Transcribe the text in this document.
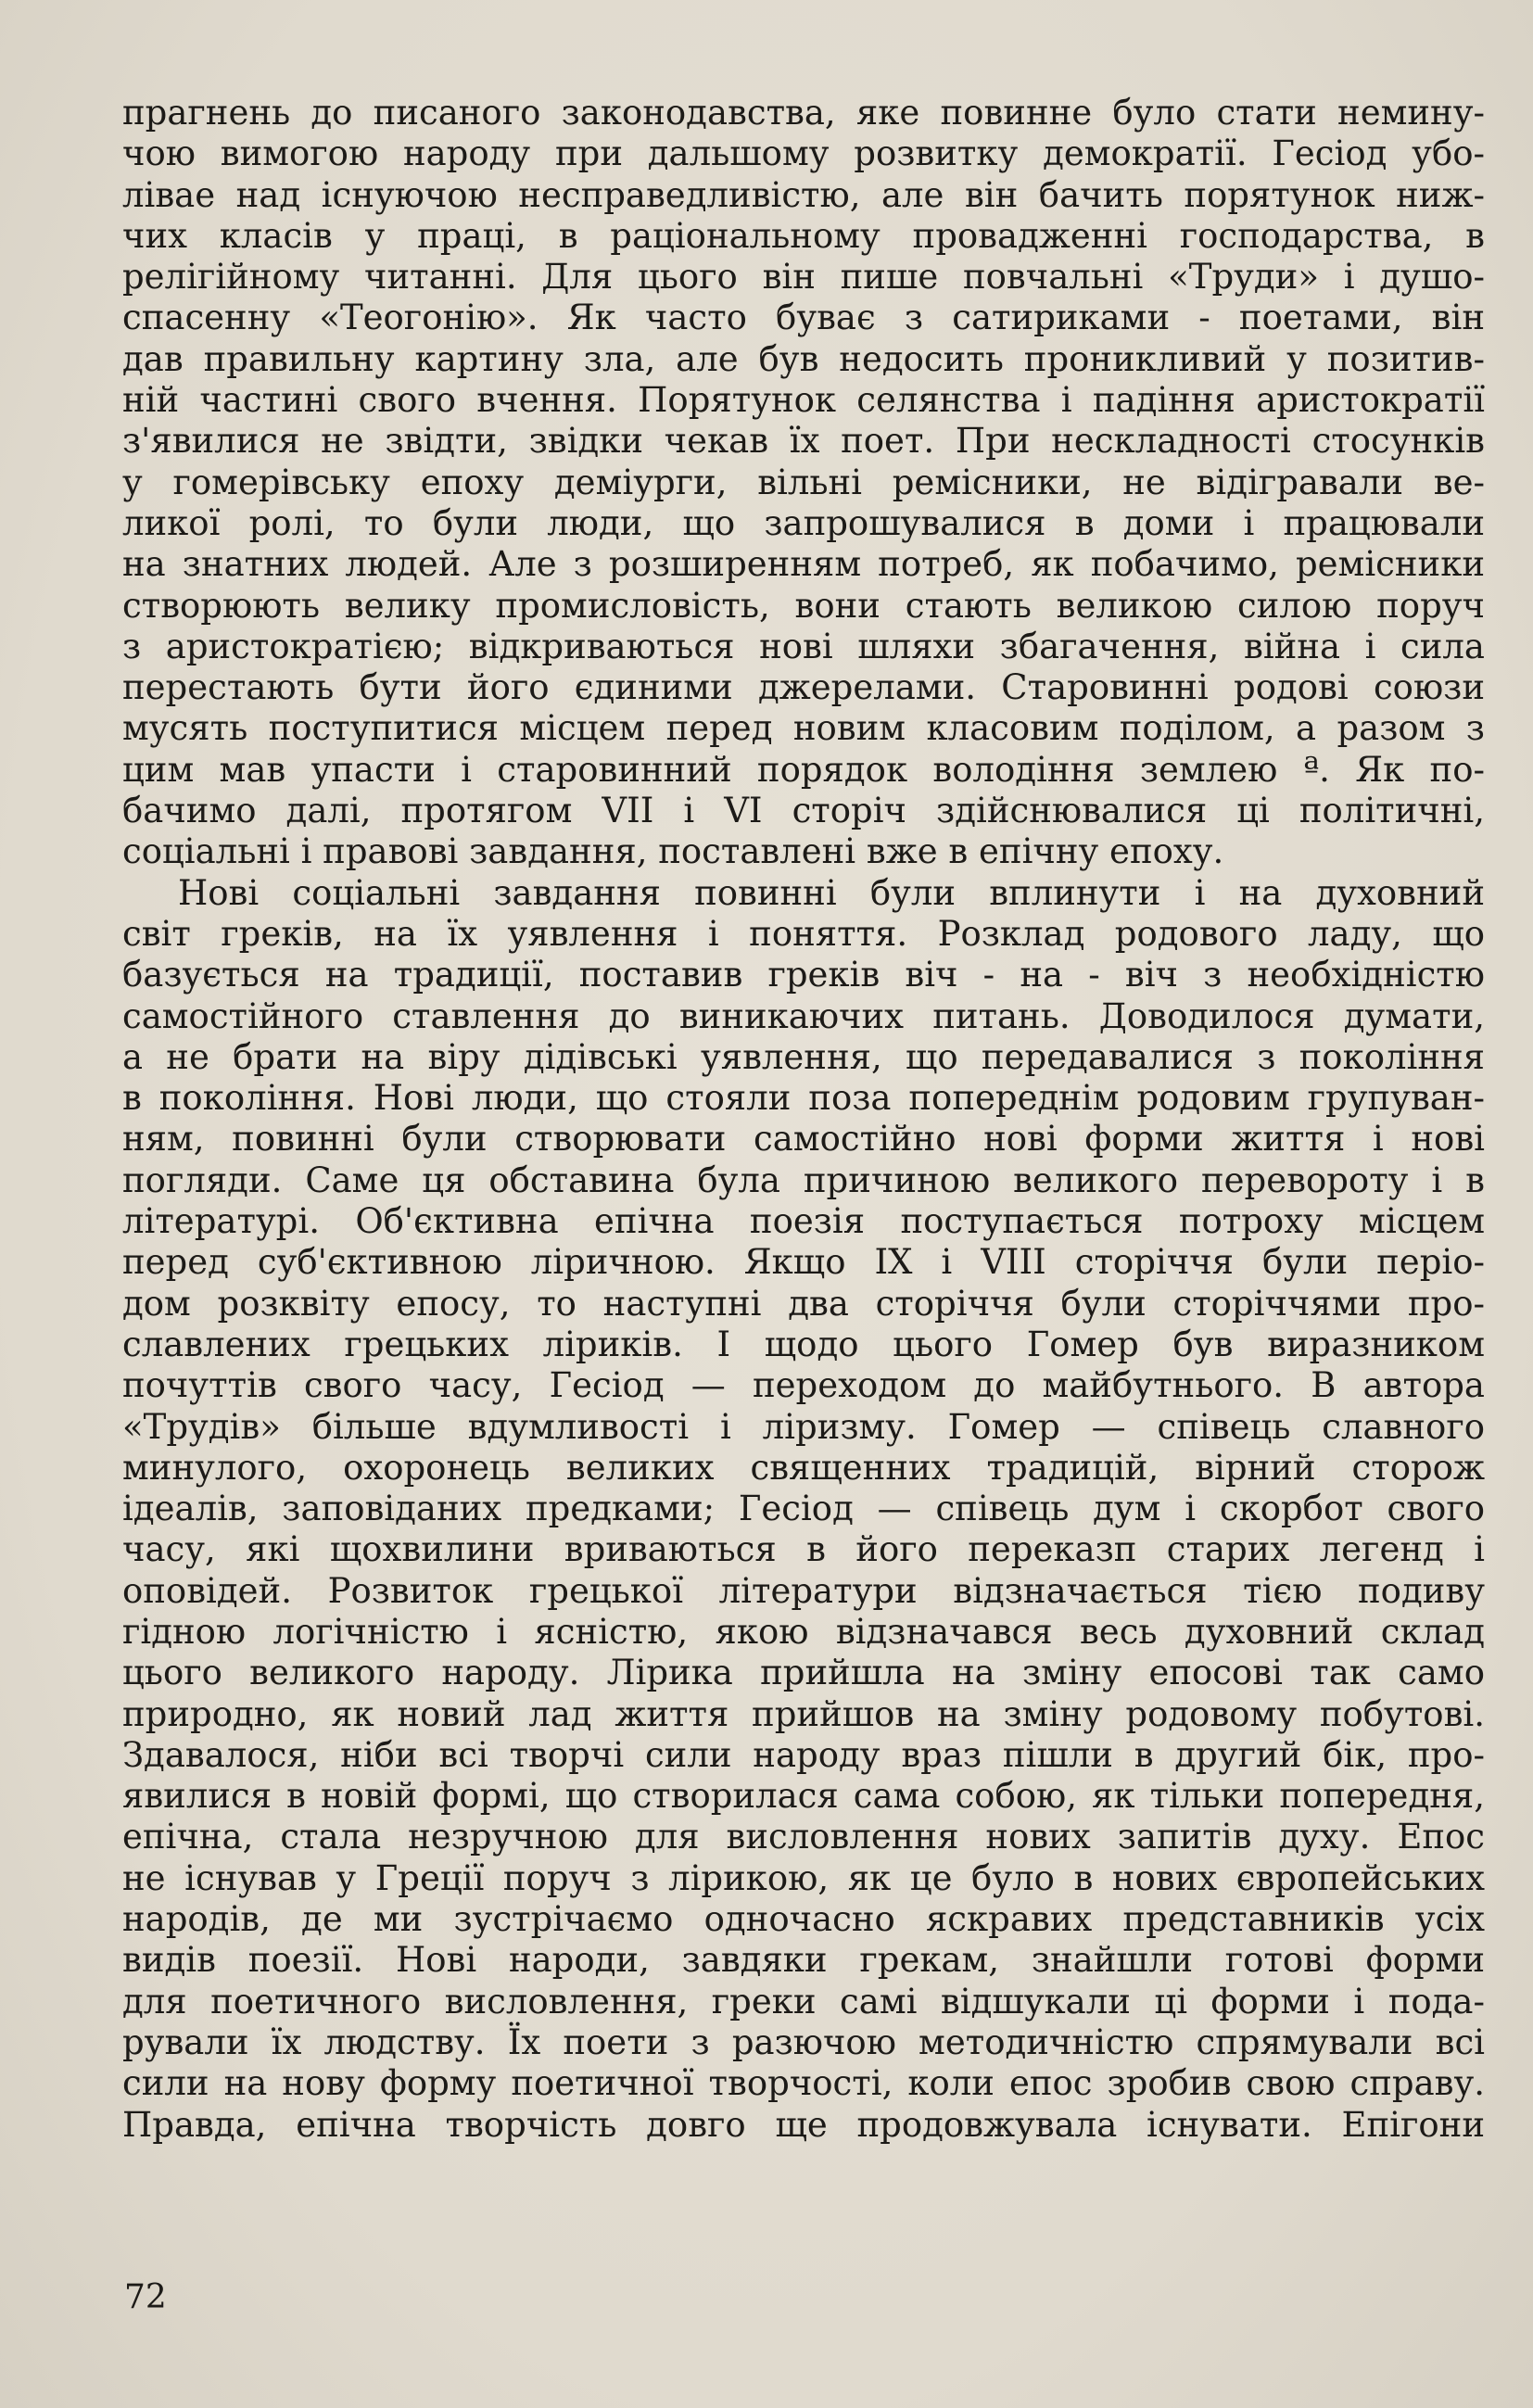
прагнень до писаного законодавства, яке повинне було стати немину-
чою вимогою народу при дальшому розвитку демократії. Гесіод убо-
лівае над існуючою несправедливістю, але він бачить порятунок ниж-
чих класів у праці, в раціональному провадженні господарства, в
релігійному читанні. Для цього він пише повчальні «Труди» і душо-
спасенну «Теогонію». Як часто буває з сатириками - поетами, він
дав правильну картину зла, але був недосить проникливий у позитив-
ній частині свого вчення. Порятунок селянства і падіння аристократії
з'явилися не звідти, звідки чекав їх поет. При нескладності стосунків
у гомерівську епоху деміурги, вільні ремісники, не відігравали ве-
ликої ролі, то були люди, що запрошувалися в доми і працювали
на знатних людей. Але з розширенням потреб, як побачимо, ремісники
створюють велику промисловість, вони стають великою силою поруч
з аристократією; відкриваються нові шляхи збагачення, війна і сила
перестають бути його єдиними джерелами. Старовинні родові союзи
мусять поступитися місцем перед новим класовим поділом, а разом з
цим мав упасти і старовинний порядок володіння землею ª. Як по-
бачимо далі, протягом VII і VI сторіч здійснювалися ці політичні,
соціальні і правові завдання, поставлені вже в епічну епоху.

Нові соціальні завдання повинні були вплинути і на духовний
світ греків, на їх уявлення і поняття. Розклад родового ладу, що
базується на традиції, поставив греків віч - на - віч з необхідністю
самостійного ставлення до виникаючих питань. Доводилося думати,
а не брати на віру дідівські уявлення, що передавалися з покоління
в покоління. Нові люди, що стояли поза попереднім родовим групуван-
ням, повинні були створювати самостійно нові форми життя і нові
погляди. Саме ця обставина була причиною великого перевороту і в
літературі. Об'єктивна епічна поезія поступається потроху місцем
перед суб'єктивною ліричною. Якщо IX і VIII сторіччя були періо-
дом розквіту епосу, то наступні два сторіччя були сторіччями про-
славлених грецьких ліриків. І щодо цього Гомер був виразником
почуттів свого часу, Гесіод — переходом до майбутнього. В автора
«Трудів» більше вдумливості і ліризму. Гомер — співець славного
минулого, охоронець великих священних традицій, вірний сторож
ідеалів, заповіданих предками; Гесіод — співець дум і скорбот свого
часу, які щохвилини вриваються в його переказп старих легенд і
оповідей. Розвиток грецької літератури відзначається тією подиву
гідною логічністю і ясністю, якою відзначався весь духовний склад
цього великого народу. Лірика прийшла на зміну епосові так само
природно, як новий лад життя прийшов на зміну родовому побутові.
Здавалося, ніби всі творчі сили народу враз пішли в другий бік, про-
явилися в новій формі, що створилася сама собою, як тільки попередня,
епічна, стала незручною для висловлення нових запитів духу. Епос
не існував у Греції поруч з лірикою, як це було в нових європейських
народів, де ми зустрічаємо одночасно яскравих представників усіх
видів поезії. Нові народи, завдяки грекам, знайшли готові форми
для поетичного висловлення, греки самі відшукали ці форми і пода-
рували їх людству. Їх поети з разючою методичністю спрямували всі
сили на нову форму поетичної творчості, коли епос зробив свою справу.
Правда, епічна творчість довго ще продовжувала існувати. Епігони

72
